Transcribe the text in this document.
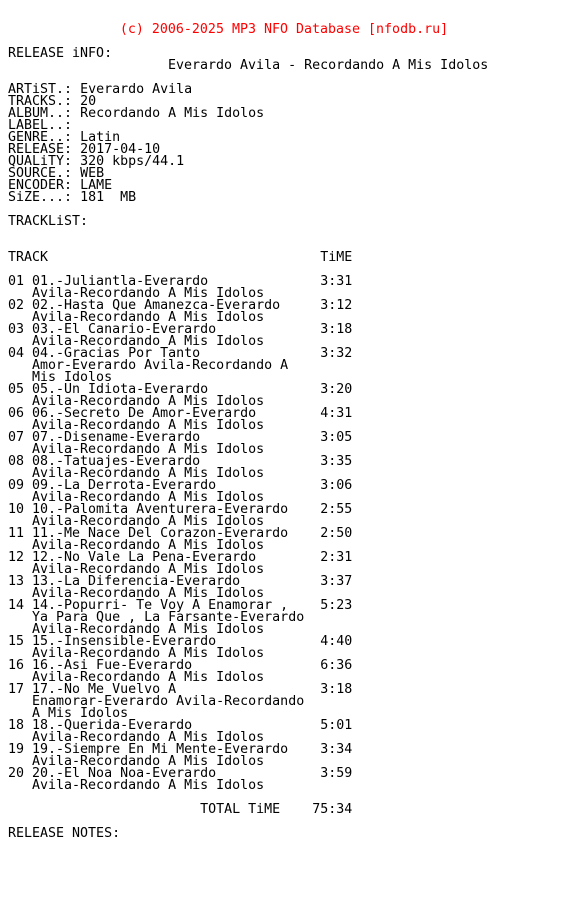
(c) 2006-2025 MP3 NFO Database [nfodb.ru]

Everardo Avila - Recordando A Mis Idolos

RELEASE iNFO:
ARTiST.: Everardo Avila
TRACKS.: 20
ALBUM..: Recordando A Mis Idolos
LABEL..:
GENRE..: Latin
RELEASE: 2017-04-10
QUALiTY: 320 kbps/44.1
SOURCE.: WEB
ENCODER: LAME
SiZE...: 181  MB
TRACKLiST:
TRACK                                  TiME
01 01.-Juliantla-Everardo              3:31
Avila-Recordando A Mis Idolos
02 02.-Hasta Que Amanezca-Everardo     3:12
Avila-Recordando A Mis Idolos
03 03.-El Canario-Everardo             3:18
Avila-Recordando A Mis Idolos
04 04.-Gracias Por Tanto               3:32
Amor-Everardo Avila-Recordando A
Mis Idolos
05 05.-Un Idiota-Everardo              3:20
Avila-Recordando A Mis Idolos
06 06.-Secreto De Amor-Everardo        4:31
Avila-Recordando A Mis Idolos
07 07.-Disename-Everardo               3:05
Avila-Recordando A Mis Idolos
08 08.-Tatuajes-Everardo               3:35
Avila-Recordando A Mis Idolos
09 09.-La Derrota-Everardo             3:06
Avila-Recordando A Mis Idolos
10 10.-Palomita Aventurera-Everardo    2:55
Avila-Recordando A Mis Idolos
11 11.-Me Nace Del Corazon-Everardo    2:50
Avila-Recordando A Mis Idolos
12 12.-No Vale La Pena-Everardo        2:31
Avila-Recordando A Mis Idolos
13 13.-La Diferencia-Everardo          3:37
Avila-Recordando A Mis Idolos
14 14.-Popurri- Te Voy A Enamorar ,    5:23
Ya Para Que , La Farsante-Everardo
Avila-Recordando A Mis Idolos
15 15.-Insensible-Everardo             4:40
Avila-Recordando A Mis Idolos
16 16.-Asi Fue-Everardo                6:36
Avila-Recordando A Mis Idolos
17 17.-No Me Vuelvo A                  3:18
Enamorar-Everardo Avila-Recordando
A Mis Idolos
18 18.-Querida-Everardo                5:01
Avila-Recordando A Mis Idolos
19 19.-Siempre En Mi Mente-Everardo    3:34
Avila-Recordando A Mis Idolos
20 20.-El Noa Noa-Everardo             3:59
Avila-Recordando A Mis Idolos
TOTAL TiME    75:34
RELEASE NOTES:
